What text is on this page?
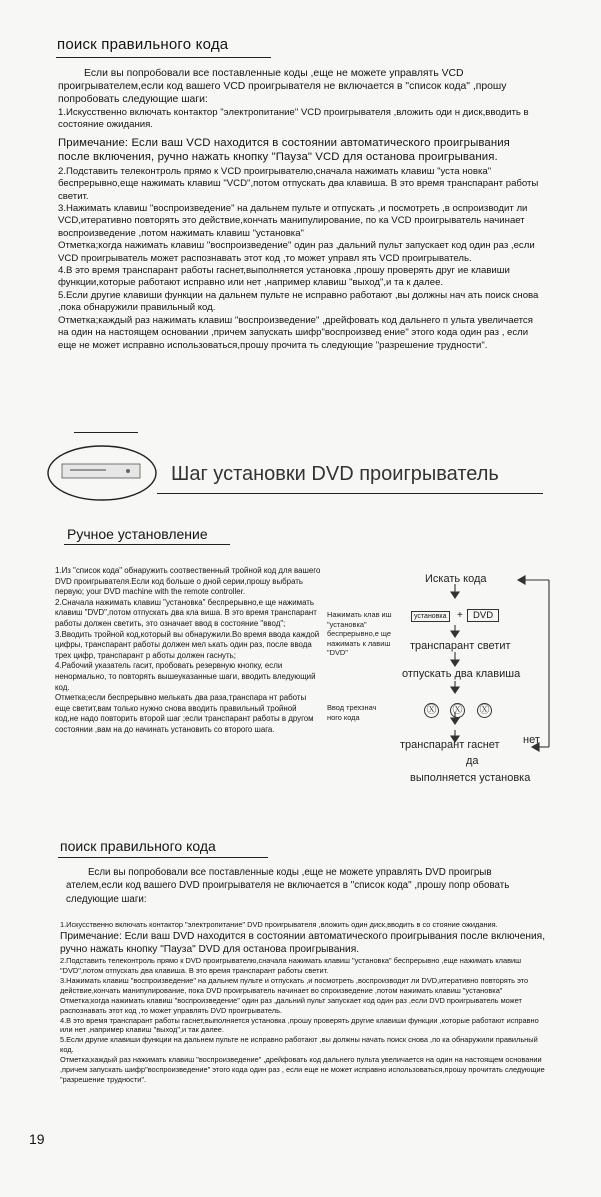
поиск правильного кода

Если вы попробовали все поставленные коды ,еще не можете управлять VCD проигрывателем,если код вашего VCD проигрывателя не включается в "список кода" ,прошу попробовать следующие шаги:

1.Искусственно включать контактор "электропитание" VCD проигрывателя ,вложить оди н диск,вводить в состояние ожидания.

Примечание: Если ваш VCD находится в состоянии автоматического проигрывания после включения, ручно нажать кнопку "Пауза" VCD для останова проигрывания.

2.Подставить телеконтроль прямо к VCD проигрывателю,сначала нажимать клавиш "уста новка" беспрерывно,еще нажимать клавиш "VCD",потом отпускать два клавиша. В это время транспарант работы светит.

3.Нажимать клавиш "воспроизведение" на дальнем пульте и отпускать ,и посмотреть ,в оспроизводит ли VCD,итеративно повторять это действие,кончать манипулирование, по ка VCD проигрыватель начинает воспроизведение ,потом нажимать клавиш "установка"

Отметка;когда нажимать клавиш "воспроизведение" один раз ,дальний пульт запускает код один раз ,если VCD проигрыватель может распознавать этот код ,то может управл ять VCD проигрыватель.

4.В это время транспарант работы гаснет,выполняется установка ,прошу проверять друг ие клавиши функции,которые работают исправно или нет ,например клавиш "выход",и та к далее.

5.Если другие клавиши функции на дальнем пульте не исправно работают ,вы должны нач ать поиск снова ,пока обнаружили правильный код.

Отметка;каждый раз нажимать клавиш "воспроизведение" ,дрейфовать код дальнего п ульта увеличается на один на настоящем основании ,причем запускать шифр"воспроизвед ение" этого кода один раз , если еще не может исправно использоваться,прошу прочита ть следующие "разрешение трудности".

Шаг установки DVD проигрыватель
Ручное установление

1.Из "список кода" обнаружить соотвественный тройной код для вашего DVD проигрывателя.Если код больше о дной серии,прошу выбрать первую; your DVD machine with the remote controller.

2.Сначала нажимать клавиш "установка" беспрерывно,е ще нажимать клавиш "DVD",потом отпускать два кла виша. В это время транспарант работы должен светить, это означает ввод в состояние "ввод";

3.Вводить тройной код,который вы обнаружили.Во время ввода каждой цифры, транспарант работы должен мел ькать один раз, после ввода трех цифр, транспарант р аботы должен гаснуть;

4.Рабочий указатель гасит, пробовать резервную кнопку, если ненормально, то повторять вышеуказанные шаги, вводить вледующий код.

Отметка;если беспрерывно мелькать два раза,транспара нт работы еще светит,вам только нужно снова вводить правильный тройной код,не надо повторить второй шаг ;если транспарант работы в другом состоянии ,вам на до начинать установить со второго шага.

Искать кода
Нажимать клав иш "установка" беспрерывно,е ще нажимать к лавиш "DVD"
установка	+	DVD
транспарант светит
отпускать два клавиша
Ввод трехзнач ного кода
Ⓧ Ⓧ Ⓧ
транспарант гаснет нет
да
выполняется установка
поиск правильного кода

Если вы попробовали все поставленные коды ,еще не можете управлять DVD проигрыв ателем,если код вашего DVD проигрывателя не включается в "список кода" ,прошу попр обовать следующие шаги:

1.Искусственно включать контактор "электропитание" DVD проигрывателя ,вложить один диск,вводить в со стояние ожидания.

Примечание: Если ваш DVD находится в состоянии автоматического проигрывания после включения, ручно нажать кнопку "Пауза" DVD для останова проигрывания.

2.Подставить телеконтроль прямо к DVD проигрывателю,сначала нажимать клавиш "установка" беспрерывно ,еще нажимать клавиш "DVD",потом отпускать два клавиша. В это время транспарант работы светит.

3.Нажимать клавиш "воспроизведение" на дальнем пульте и отпускать ,и посмотреть ,воспроизводит ли DVD,итеративно повторять это действие,кончать манипулирование, пока DVD проигрыватель начинает во спроизведение ,потом нажимать клавиш "установка"

Отметка;когда нажимать клавиш "воспроизведение" один раз ,дальний пульт запускает код один раз ,если DVD проигрыватель может распознавать этот код ,то может управлять DVD проигрыватель.

4.В это время транспарант работы гаснет,выполняется установка ,прошу проверять другие клавиши функции ,которые работают исправно или нет ,например клавиш "выход",и так далее.

5.Если другие клавиши функции на дальнем пульте не исправно работают ,вы должны начать поиск снова ,по ка обнаружили правильный код.

Отметка;каждый раз нажимать клавиш "воспроизведение" ,дрейфовать код дальнего пульта увеличается на один на настоящем основании ,причем запускать шифр"воспроизведение" этого кода один раз , если еще не может исправно использоваться,прошу прочитать следующие "разрешение трудности".

19
